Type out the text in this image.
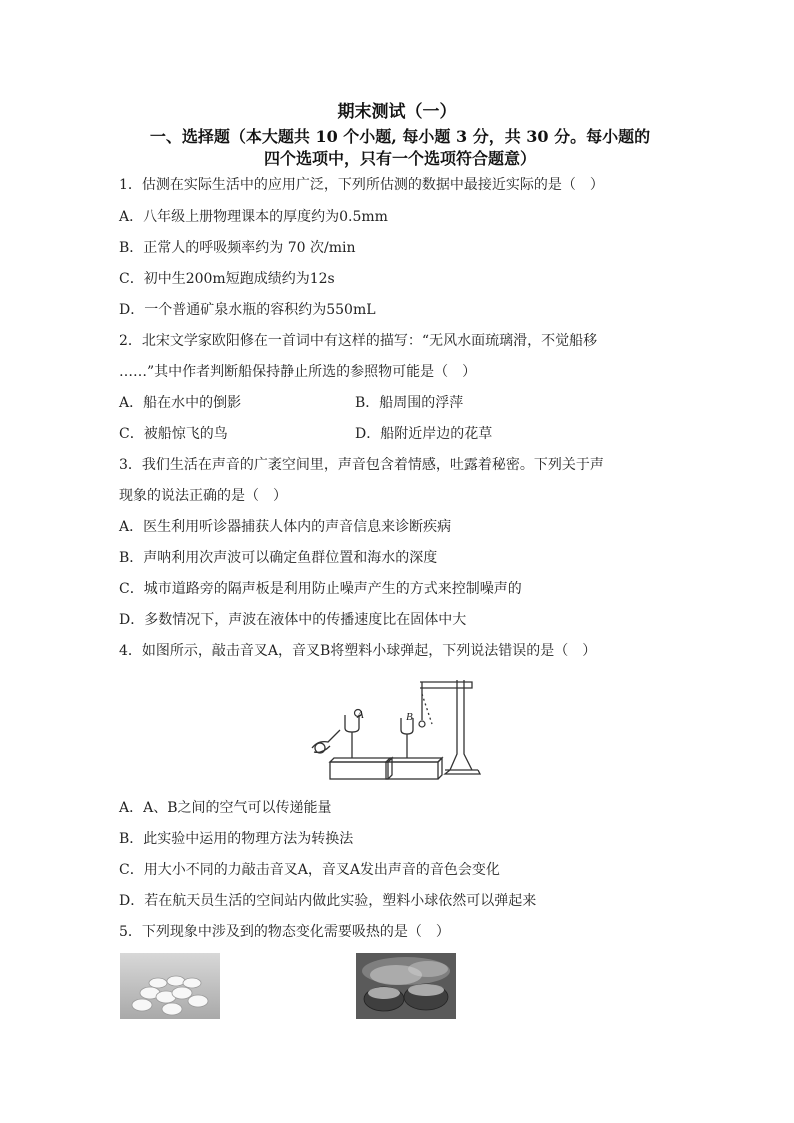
期末测试（一）
一、选择题（本大题共 10 个小题, 每小题 3 分，共 30 分。每小题的
四个选项中，只有一个选项符合题意）
1．估测在实际生活中的应用广泛，下列所估测的数据中最接近实际的是（　）
A．八年级上册物理课本的厚度约为0.5mm
B．正常人的呼吸频率约为 70 次/min
C．初中生200m短跑成绩约为12s
D．一个普通矿泉水瓶的容积约为550mL
2．北宋文学家欧阳修在一首词中有这样的描写：“无风水面琉璃滑，不觉船移
……”其中作者判断船保持静止所选的参照物可能是（　）
A．船在水中的倒影	B．船周围的浮萍
C．被船惊飞的鸟	D．船附近岸边的花草
3．我们生活在声音的广袤空间里，声音包含着情感，吐露着秘密。下列关于声
现象的说法正确的是（　）
A．医生利用听诊器捕获人体内的声音信息来诊断疾病
B．声呐利用次声波可以确定鱼群位置和海水的深度
C．城市道路旁的隔声板是利用防止噪声产生的方式来控制噪声的
D．多数情况下，声波在液体中的传播速度比在固体中大
4．如图所示，敲击音叉A，音叉B将塑料小球弹起，下列说法错误的是（　）
A	B
A．A、B之间的空气可以传递能量
B．此实验中运用的物理方法为转换法
C．用大小不同的力敲击音叉A，音叉A发出声音的音色会变化
D．若在航天员生活的空间站内做此实验，塑料小球依然可以弹起来
5．下列现象中涉及到的物态变化需要吸热的是（　）
